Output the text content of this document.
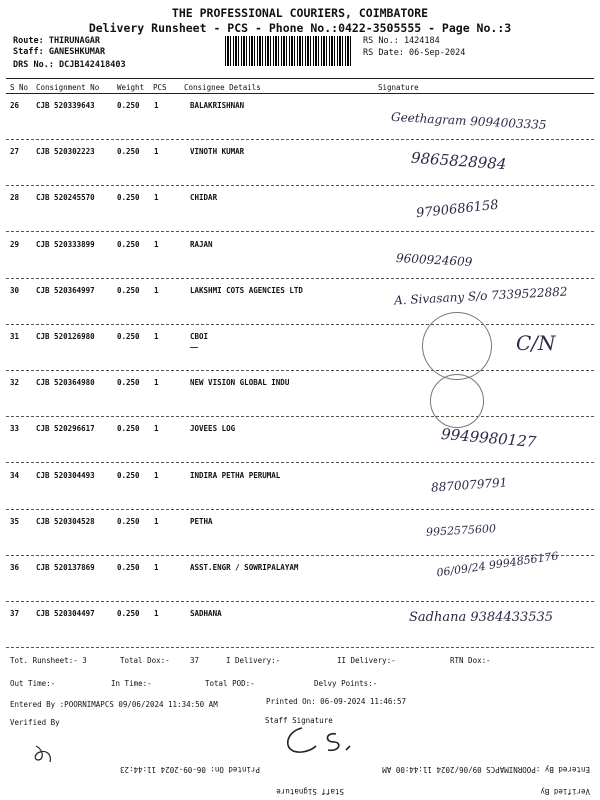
THE PROFESSIONAL COURIERS, COIMBATORE
Delivery Runsheet - PCS - Phone No.:0422-3505555 - Page No.:3
Route: THIRUNAGAR
Staff: GANESHKUMAR
DRS No.: DCJB142418403
RS No.: 1424184
RS Date: 06-Sep-2024
S No Consignment No Weight PCS Consignee Details	Signature
26 CJB 520339643	0.250 1	BALAKRISHNAN
Geethagram 9094003335
27 CJB 520302223	0.250 1	VINOTH KUMAR	9865828984
28 CJB 520245570	0.250 1	CHIDAR
9790686158
29 CJB 520333899	0.250 1	RAJAN
9600924609
30 CJB 520364997	0.250 1	LAKSHMI COTS AGENCIES LTD	A. Sivasany S/o 7339522882
31 CJB 520126980	0.250 1	CBOI	C/N
32 CJB 520364980	0.250 1	NEW VISION GLOBAL INDU
33 CJB 520296617	0.250 1	JOVEES LOG	9949980127
34 CJB 520304493	0.250 1	INDIRA PETHA PERUMAL	8870079791
35 CJB 520304528	0.250 1	PETHA
9952575600
36 CJB 520137869	0.250 1	ASST.ENGR / SOWRIPALAYAM	06/09/24 9994856176
37 CJB 520304497	0.250 1	SADHANA	Sadhana 9384433535
Tot. Runsheet:- 3	Total Dox:-	37	I Delivery:-	II Delivery:-	RTN Dox:-
Out Time:-	In Time:-	Total POD:-	Delvy Points:-
Entered By :POORNIMAPCS 09/06/2024 11:34:50 AM	Printed On: 06-09-2024 11:46:57
Verified By	Staff Signature
Verified By
Staff Signature
Entered By :POORNIMAPCS 09/06/2024 11:44:00 AM
Printed On: 06-09-2024 11:44:23
